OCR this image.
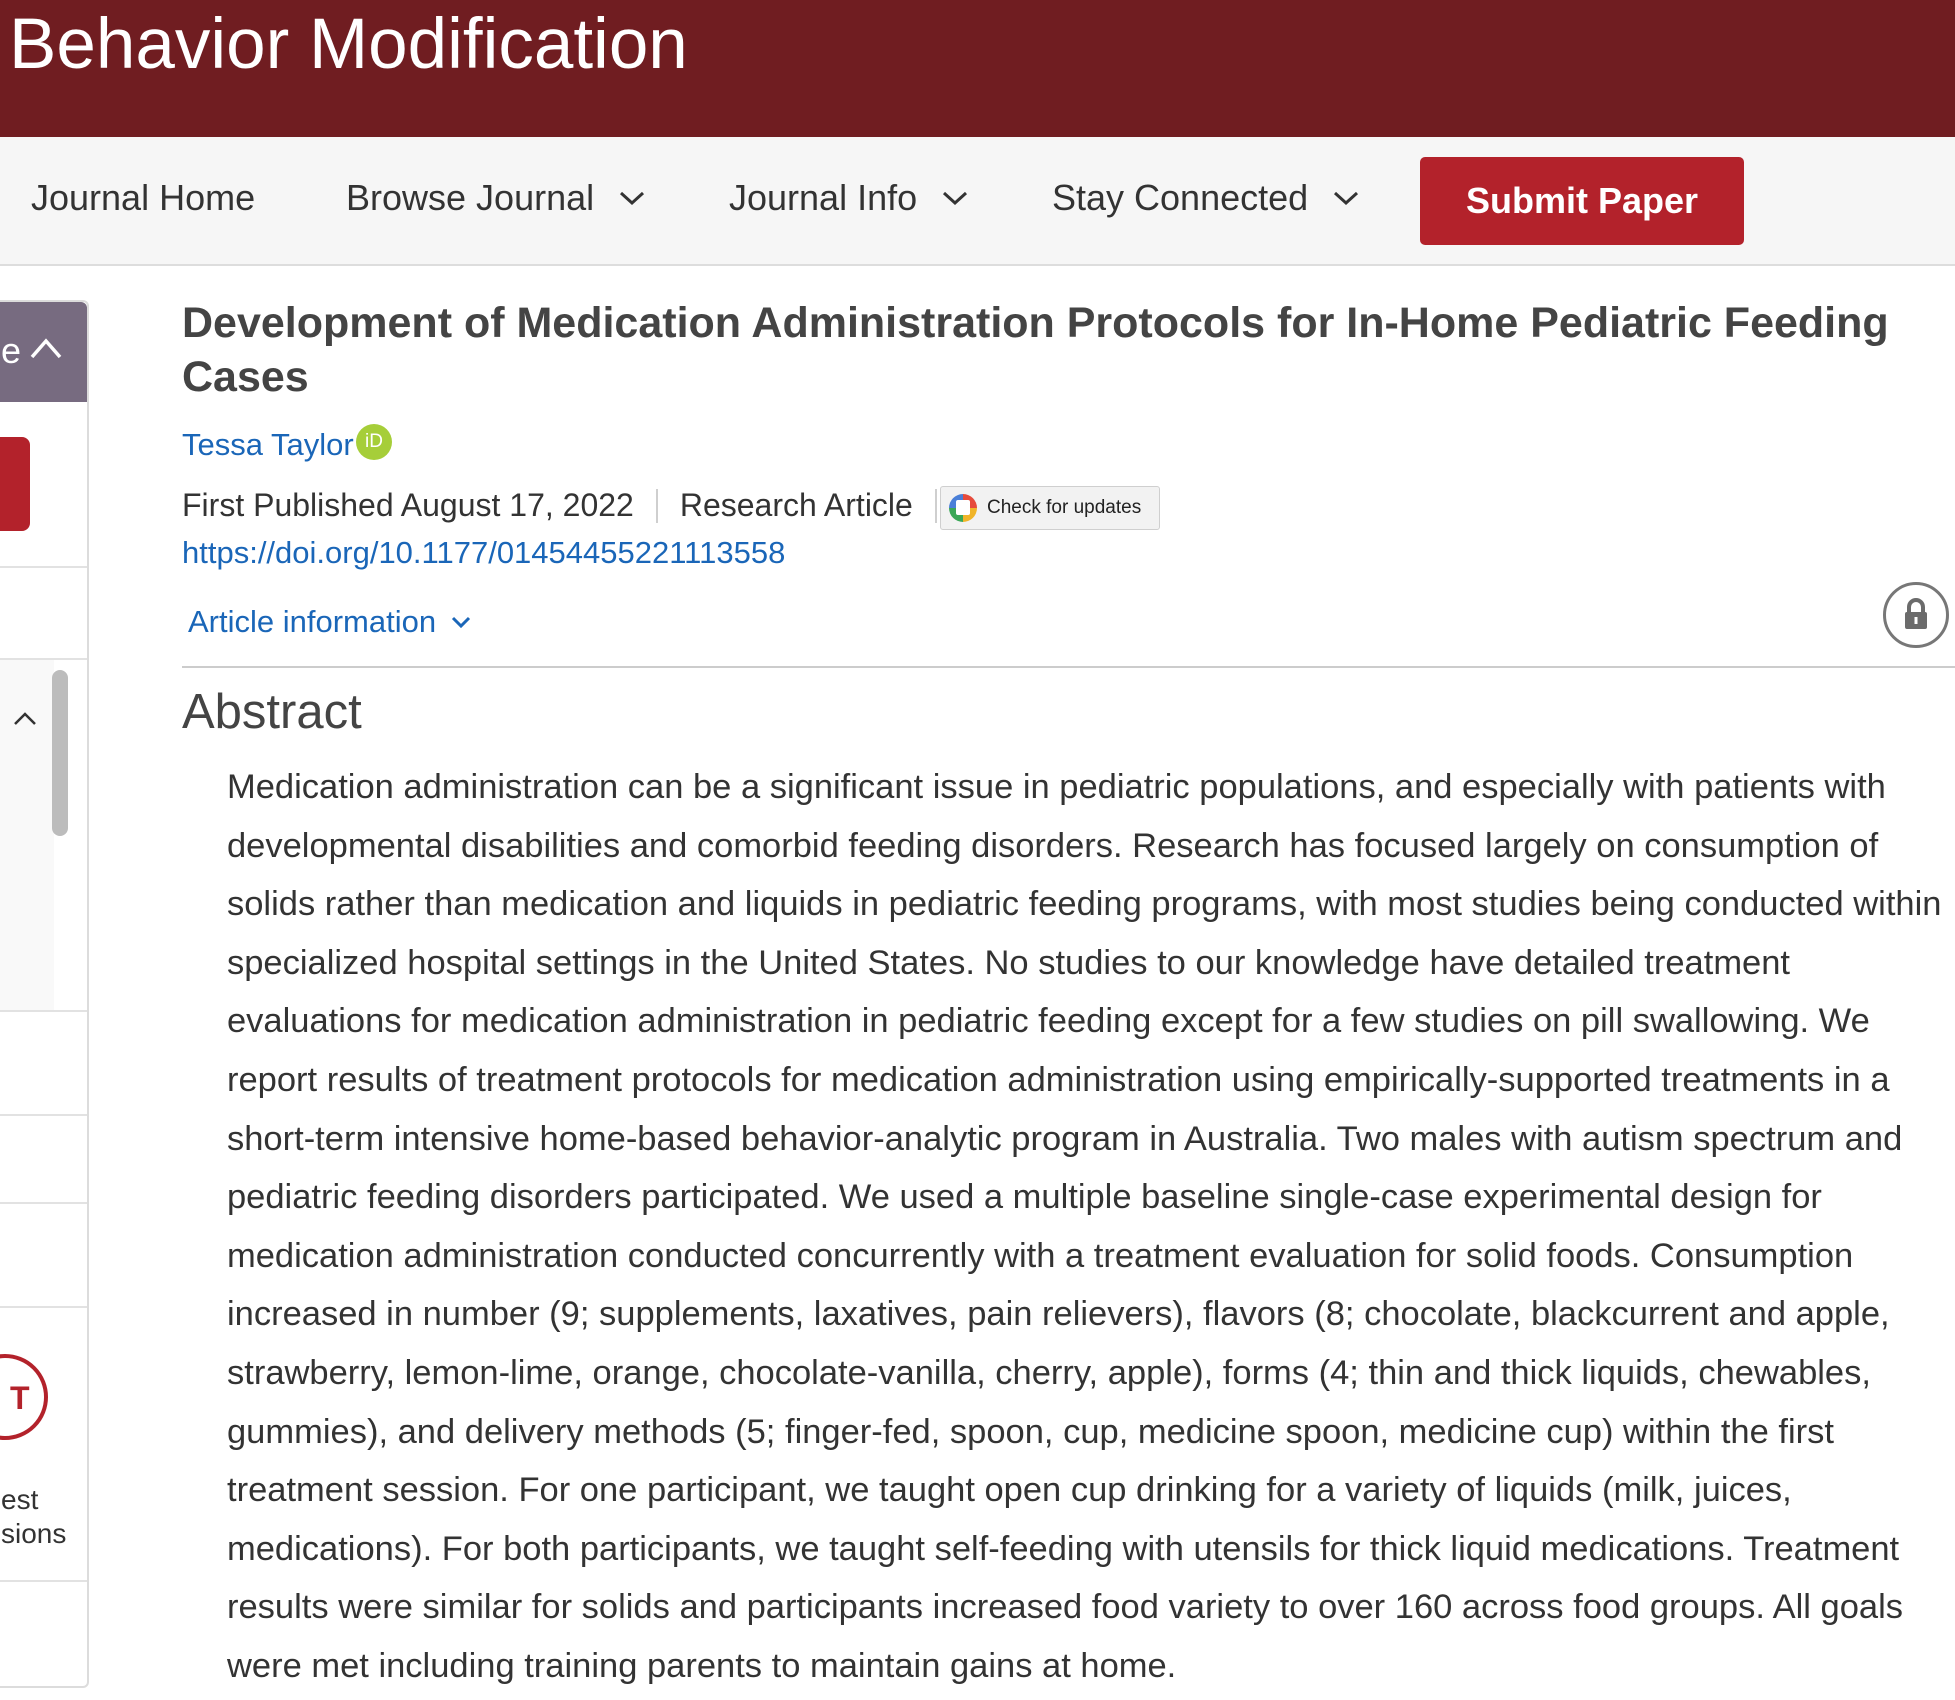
Behavior Modification
Journal Home	Browse Journal	Journal Info	Stay Connected	Submit Paper
e
T
est
sions
Development of Medication Administration Protocols for In-Home Pediatric Feeding Cases
Tessa Taylor iD
First Published August 17, 2022 Research Article	Check for updates
https://doi.org/10.1177/01454455221113558
Article information
Abstract

Medication administration can be a significant issue in pediatric populations, and especially with patients with developmental disabilities and comorbid feeding disorders. Research has focused largely on consumption of solids rather than medication and liquids in pediatric feeding programs, with most studies being conducted within specialized hospital settings in the United States. No studies to our knowledge have detailed treatment evaluations for medication administration in pediatric feeding except for a few studies on pill swallowing. We report results of treatment protocols for medication administration using empirically-supported treatments in a short-term intensive home-based behavior-analytic program in Australia. Two males with autism spectrum and pediatric feeding disorders participated. We used a multiple baseline single-case experimental design for medication administration conducted concurrently with a treatment evaluation for solid foods. Consumption increased in number (9; supplements, laxatives, pain relievers), flavors (8; chocolate, blackcurrent and apple, strawberry, lemon-lime, orange, chocolate-vanilla, cherry, apple), forms (4; thin and thick liquids, chewables, gummies), and delivery methods (5; finger-fed, spoon, cup, medicine spoon, medicine cup) within the first treatment session. For one participant, we taught open cup drinking for a variety of liquids (milk, juices, medications). For both participants, we taught self-feeding with utensils for thick liquid medications. Treatment results were similar for solids and participants increased food variety to over 160 across food groups. All goals were met including training parents to maintain gains at home.
